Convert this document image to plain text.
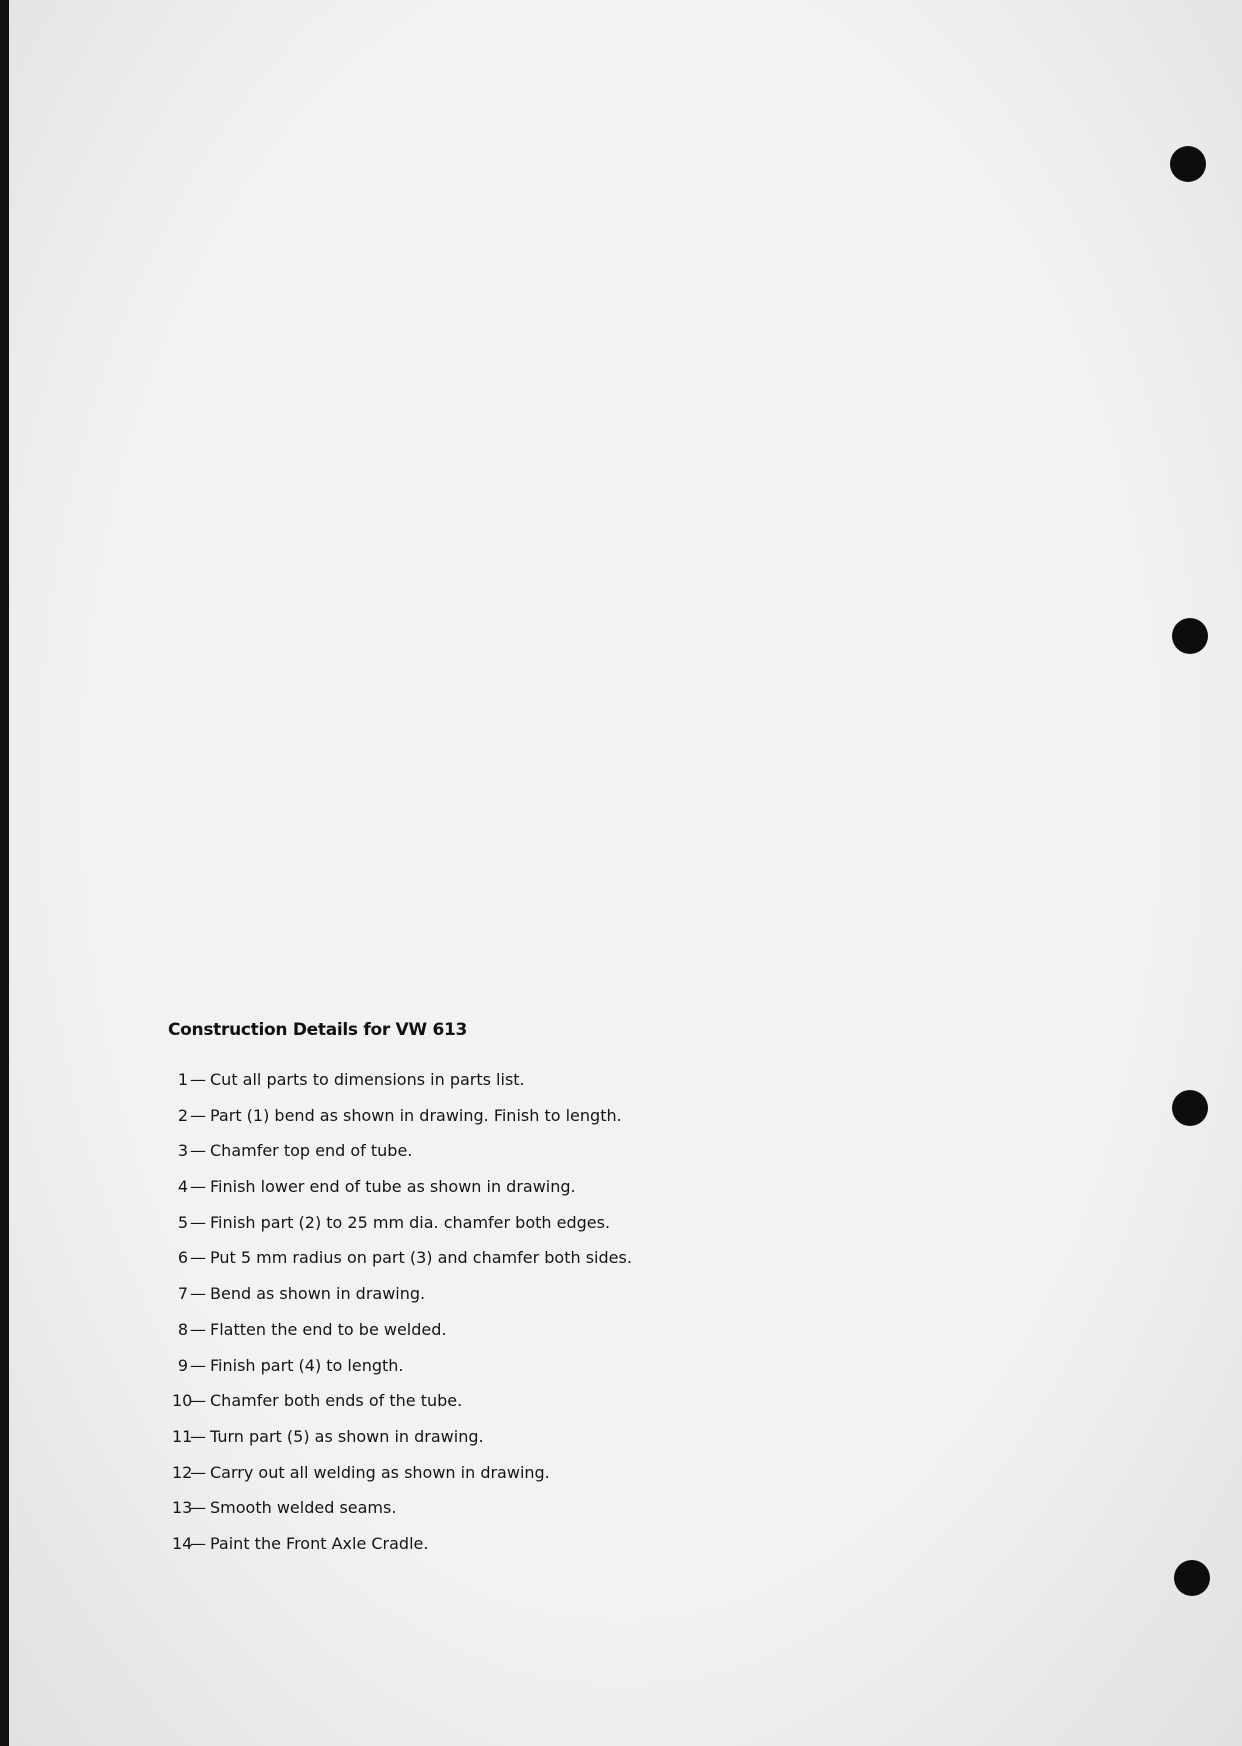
Construction Details for VW 613
1 — Cut all parts to dimensions in parts list.
2 — Part (1) bend as shown in drawing. Finish to length.
3 — Chamfer top end of tube.
4 — Finish lower end of tube as shown in drawing.
5 — Finish part (2) to 25 mm dia. chamfer both edges.
6 — Put 5 mm radius on part (3) and chamfer both sides.
7 — Bend as shown in drawing.
8 — Flatten the end to be welded.
9 — Finish part (4) to length.
10
— Chamfer both ends of the tube.
11
— Turn part (5) as shown in drawing.
12
— Carry out all welding as shown in drawing.
13
— Smooth welded seams.
14
— Paint the Front Axle Cradle.
